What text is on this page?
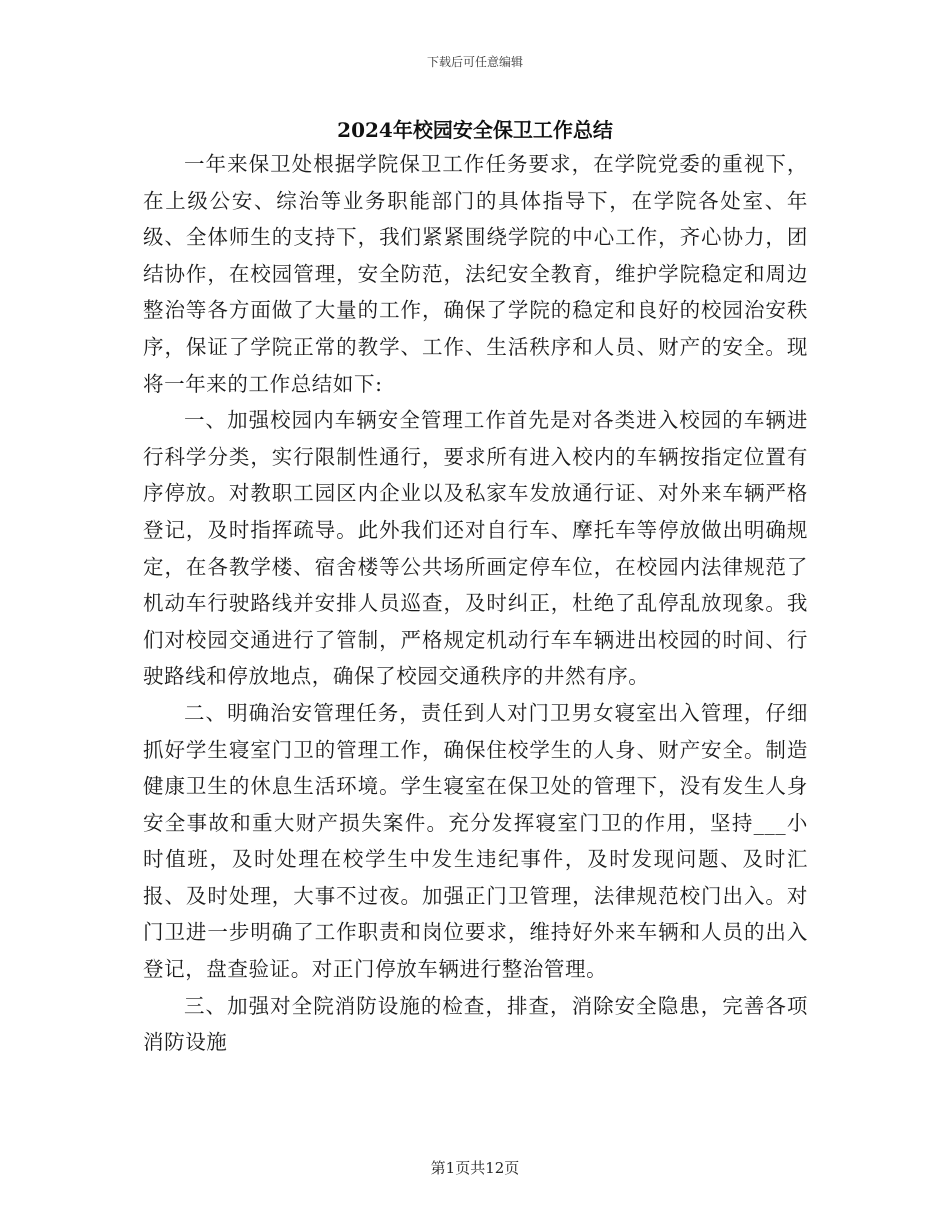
下载后可任意编辑
2024年校园安全保卫工作总结

一年来保卫处根据学院保卫工作任务要求，在学院党委的重视下，在上级公安、综治等业务职能部门的具体指导下，在学院各处室、年级、全体师生的支持下，我们紧紧围绕学院的中心工作，齐心协力，团结协作，在校园管理，安全防范，法纪安全教育，维护学院稳定和周边整治等各方面做了大量的工作，确保了学院的稳定和良好的校园治安秩序，保证了学院正常的教学、工作、生活秩序和人员、财产的安全。现将一年来的工作总结如下:

一、加强校园内车辆安全管理工作首先是对各类进入校园的车辆进行科学分类，实行限制性通行，要求所有进入校内的车辆按指定位置有序停放。对教职工园区内企业以及私家车发放通行证、对外来车辆严格登记，及时指挥疏导。此外我们还对自行车、摩托车等停放做出明确规定，在各教学楼、宿舍楼等公共场所画定停车位，在校园内法律规范了机动车行驶路线并安排人员巡查，及时纠正，杜绝了乱停乱放现象。我们对校园交通进行了管制，严格规定机动行车车辆进出校园的时间、行驶路线和停放地点，确保了校园交通秩序的井然有序。

二、明确治安管理任务，责任到人对门卫男女寝室出入管理，仔细抓好学生寝室门卫的管理工作，确保住校学生的人身、财产安全。制造健康卫生的休息生活环境。学生寝室在保卫处的管理下，没有发生人身安全事故和重大财产损失案件。充分发挥寝室门卫的作用，坚持___小时值班，及时处理在校学生中发生违纪事件，及时发现问题、及时汇报、及时处理，大事不过夜。加强正门卫管理，法律规范校门出入。对门卫进一步明确了工作职责和岗位要求，维持好外来车辆和人员的出入登记，盘查验证。对正门停放车辆进行整治管理。

三、加强对全院消防设施的检查，排查，消除安全隐患，完善各项消防设施

第1页共12页
